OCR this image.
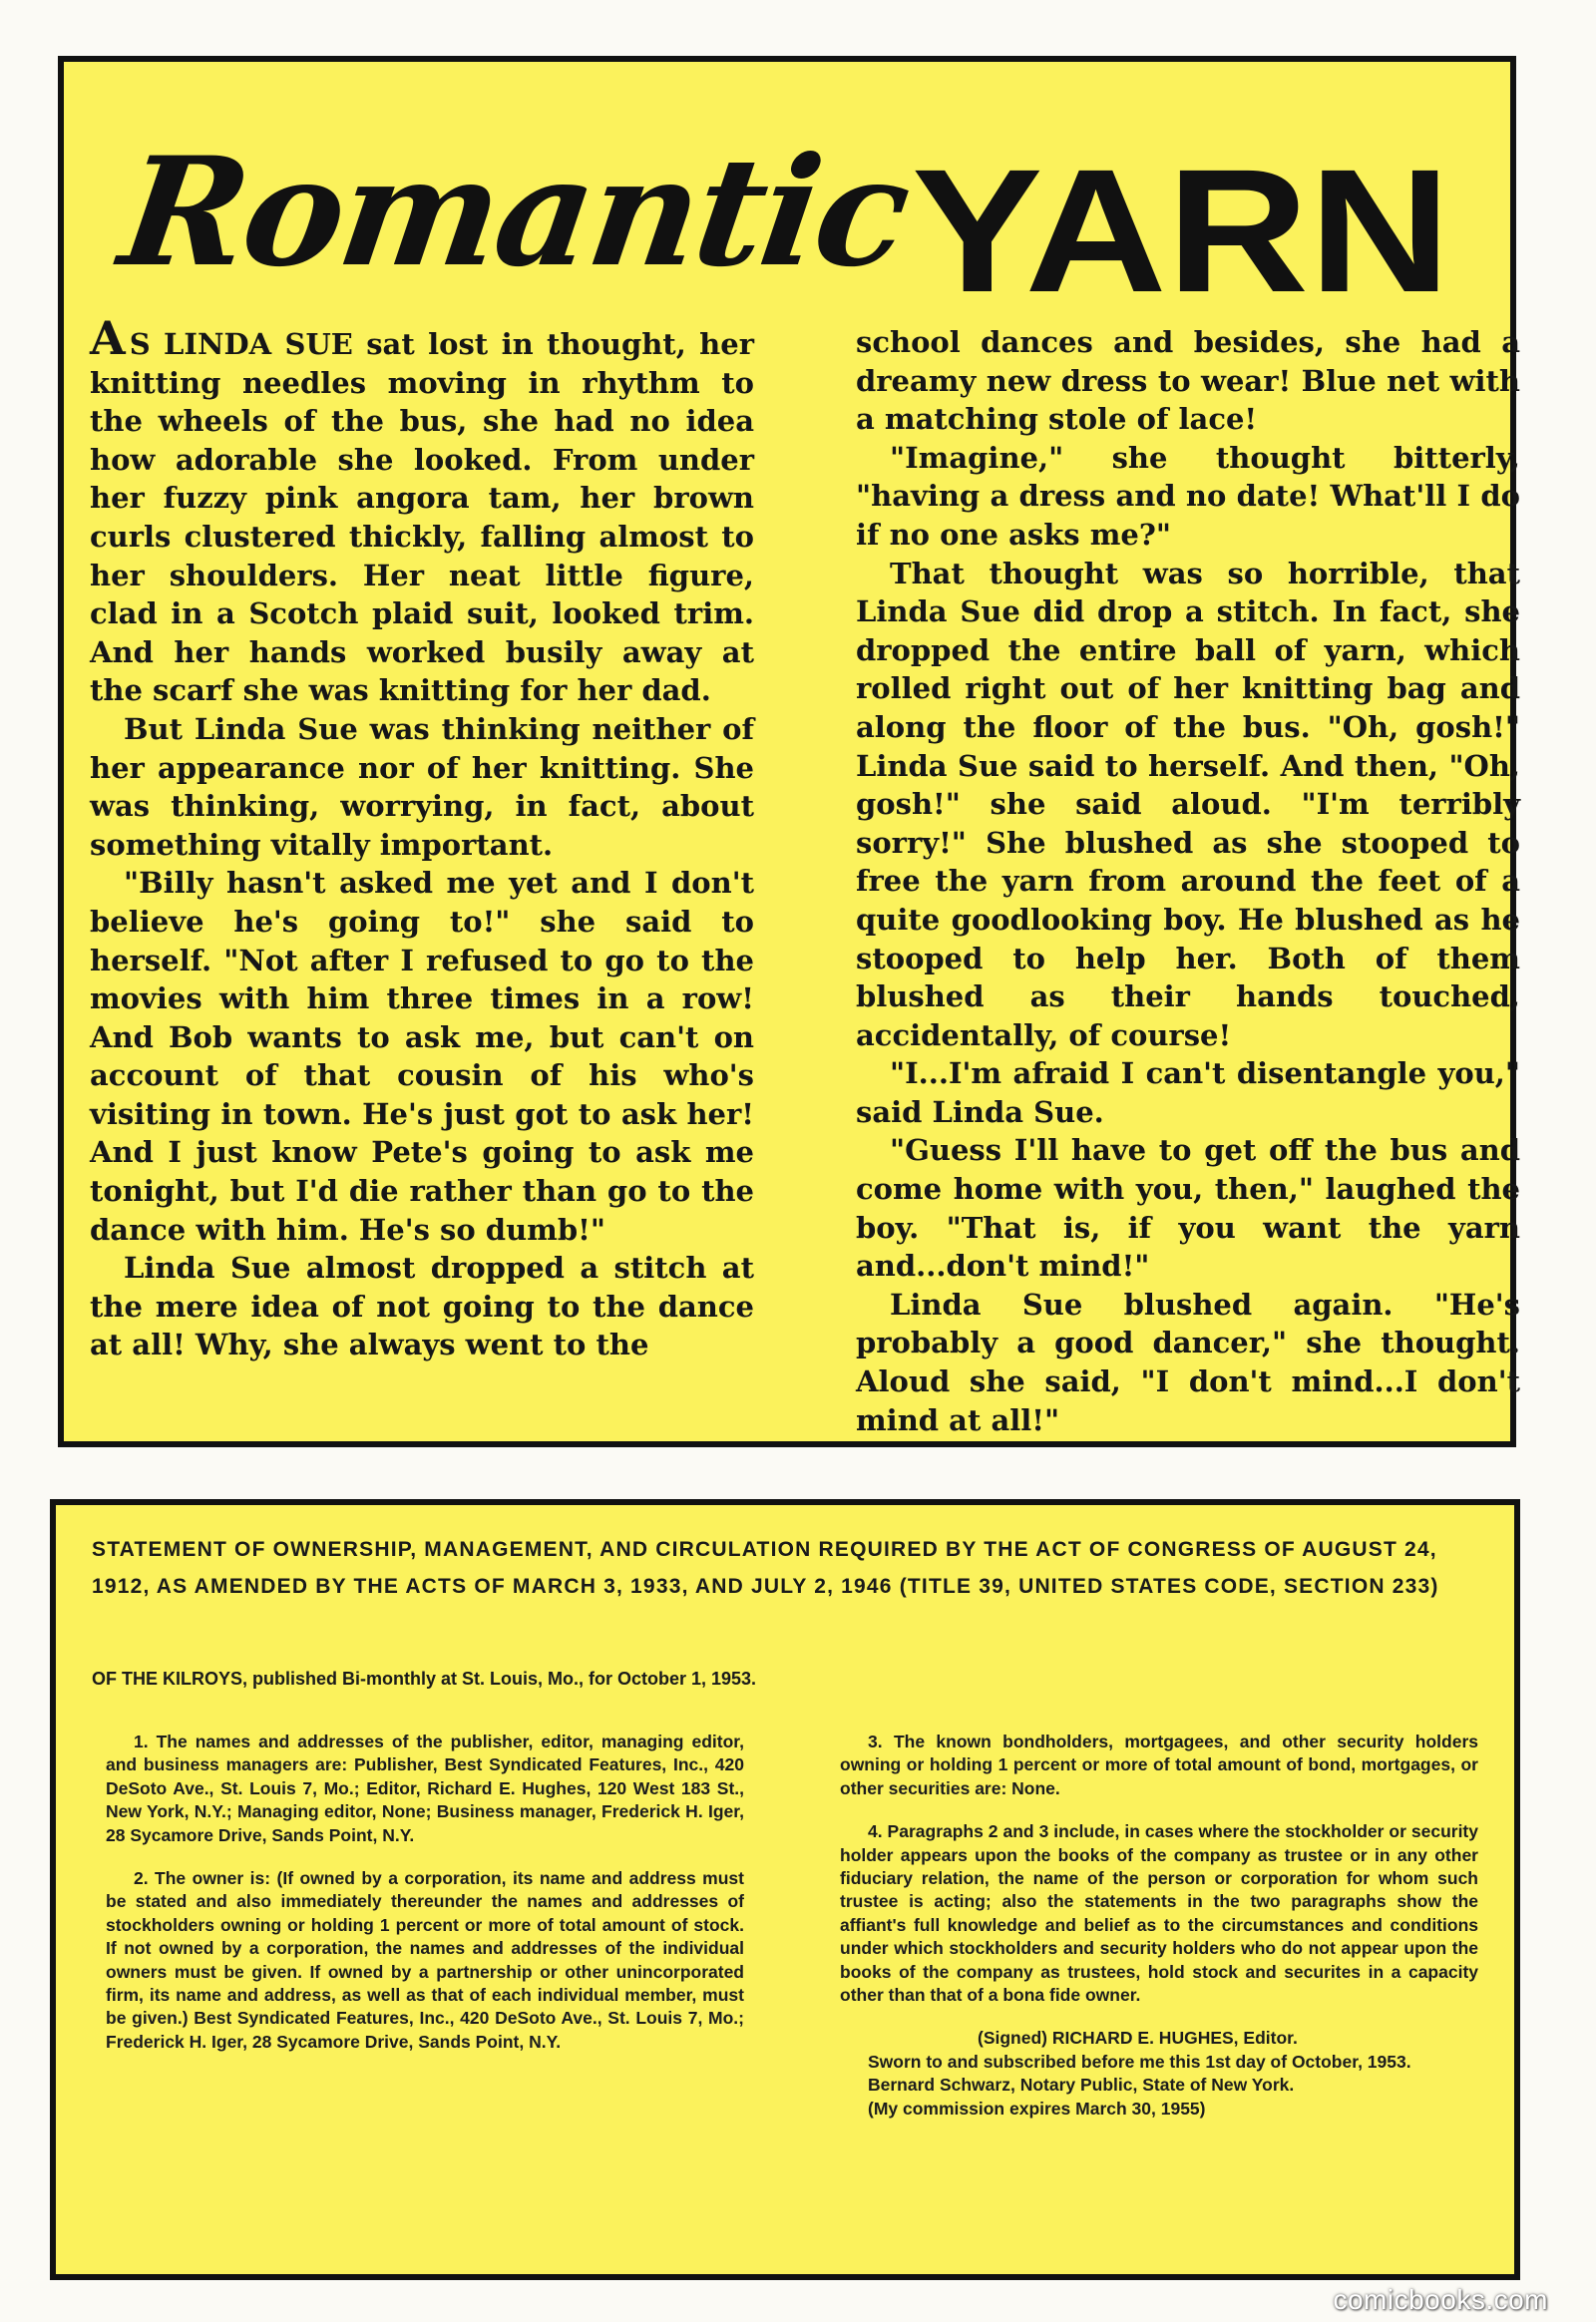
Romantic
YARN

A S LINDA SUE sat lost in thought, her knitting needles moving in rhythm to the wheels of the bus, she had no idea how adorable she looked. From under her fuzzy pink angora tam, her brown curls clustered thickly, falling almost to her shoulders. Her neat little figure, clad in a Scotch plaid suit, looked trim. And her hands worked busily away at the scarf she was knitting for her dad.

But Linda Sue was thinking neither of her appearance nor of her knitting. She was thinking, worrying, in fact, about something vitally important.

"Billy hasn't asked me yet and I don't believe he's going to!" she said to herself. "Not after I refused to go to the movies with him three times in a row! And Bob wants to ask me, but can't on account of that cousin of his who's visiting in town. He's just got to ask her! And I just know Pete's going to ask me tonight, but I'd die rather than go to the dance with him. He's so dumb!"

Linda Sue almost dropped a stitch at the mere idea of not going to the dance at all! Why, she always went to the

school dances and besides, she had a dreamy new dress to wear! Blue net with a matching stole of lace!

"Imagine," she thought bitterly, "having a dress and no date! What'll I do if no one asks me?"

That thought was so horrible, that Linda Sue did drop a stitch. In fact, she dropped the entire ball of yarn, which rolled right out of her knitting bag and along the floor of the bus. "Oh, gosh!" Linda Sue said to herself. And then, "Oh, gosh!" she said aloud. "I'm terribly sorry!" She blushed as she stooped to free the yarn from around the feet of a quite goodlooking boy. He blushed as he stooped to help her. Both of them blushed as their hands touched, accidentally, of course!

"I...I'm afraid I can't disentangle you," said Linda Sue.

"Guess I'll have to get off the bus and come home with you, then," laughed the boy. "That is, if you want the yarn and...don't mind!"

Linda Sue blushed again. "He's probably a good dancer," she thought. Aloud she said, "I don't mind...I don't mind at all!"

STATEMENT OF OWNERSHIP, MANAGEMENT, AND CIRCULATION REQUIRED BY THE ACT OF CONGRESS OF AUGUST 24, 1912, AS AMENDED BY THE ACTS OF MARCH 3, 1933, AND JULY 2, 1946 (TITLE 39, UNITED STATES CODE, SECTION 233)
OF THE KILROYS, published Bi-monthly at St. Louis, Mo., for October 1, 1953.

1. The names and addresses of the publisher, editor, managing editor, and business managers are: Publisher, Best Syndicated Features, Inc., 420 DeSoto Ave., St. Louis 7, Mo.; Editor, Richard E. Hughes, 120 West 183 St., New York, N.Y.; Managing editor, None; Business manager, Frederick H. Iger, 28 Sycamore Drive, Sands Point, N.Y.

2. The owner is: (If owned by a corporation, its name and address must be stated and also immediately thereunder the names and addresses of stockholders owning or holding 1 percent or more of total amount of stock. If not owned by a corporation, the names and addresses of the individual owners must be given. If owned by a partnership or other unincorporated firm, its name and address, as well as that of each individual member, must be given.) Best Syndicated Features, Inc., 420 DeSoto Ave., St. Louis 7, Mo.; Frederick H. Iger, 28 Sycamore Drive, Sands Point, N.Y.

3. The known bondholders, mortgagees, and other security holders owning or holding 1 percent or more of total amount of bond, mortgages, or other securities are: None.

4. Paragraphs 2 and 3 include, in cases where the stockholder or security holder appears upon the books of the company as trustee or in any other fiduciary relation, the name of the person or corporation for whom such trustee is acting; also the statements in the two paragraphs show the affiant's full knowledge and belief as to the circumstances and conditions under which stockholders and security holders who do not appear upon the books of the company as trustees, hold stock and securites in a capacity other than that of a bona fide owner.

(Signed) RICHARD E. HUGHES, Editor.
Sworn to and subscribed before me this 1st day of October, 1953.
Bernard Schwarz, Notary Public, State of New York.
(My commission expires March 30, 1955)

comicbooks.com
